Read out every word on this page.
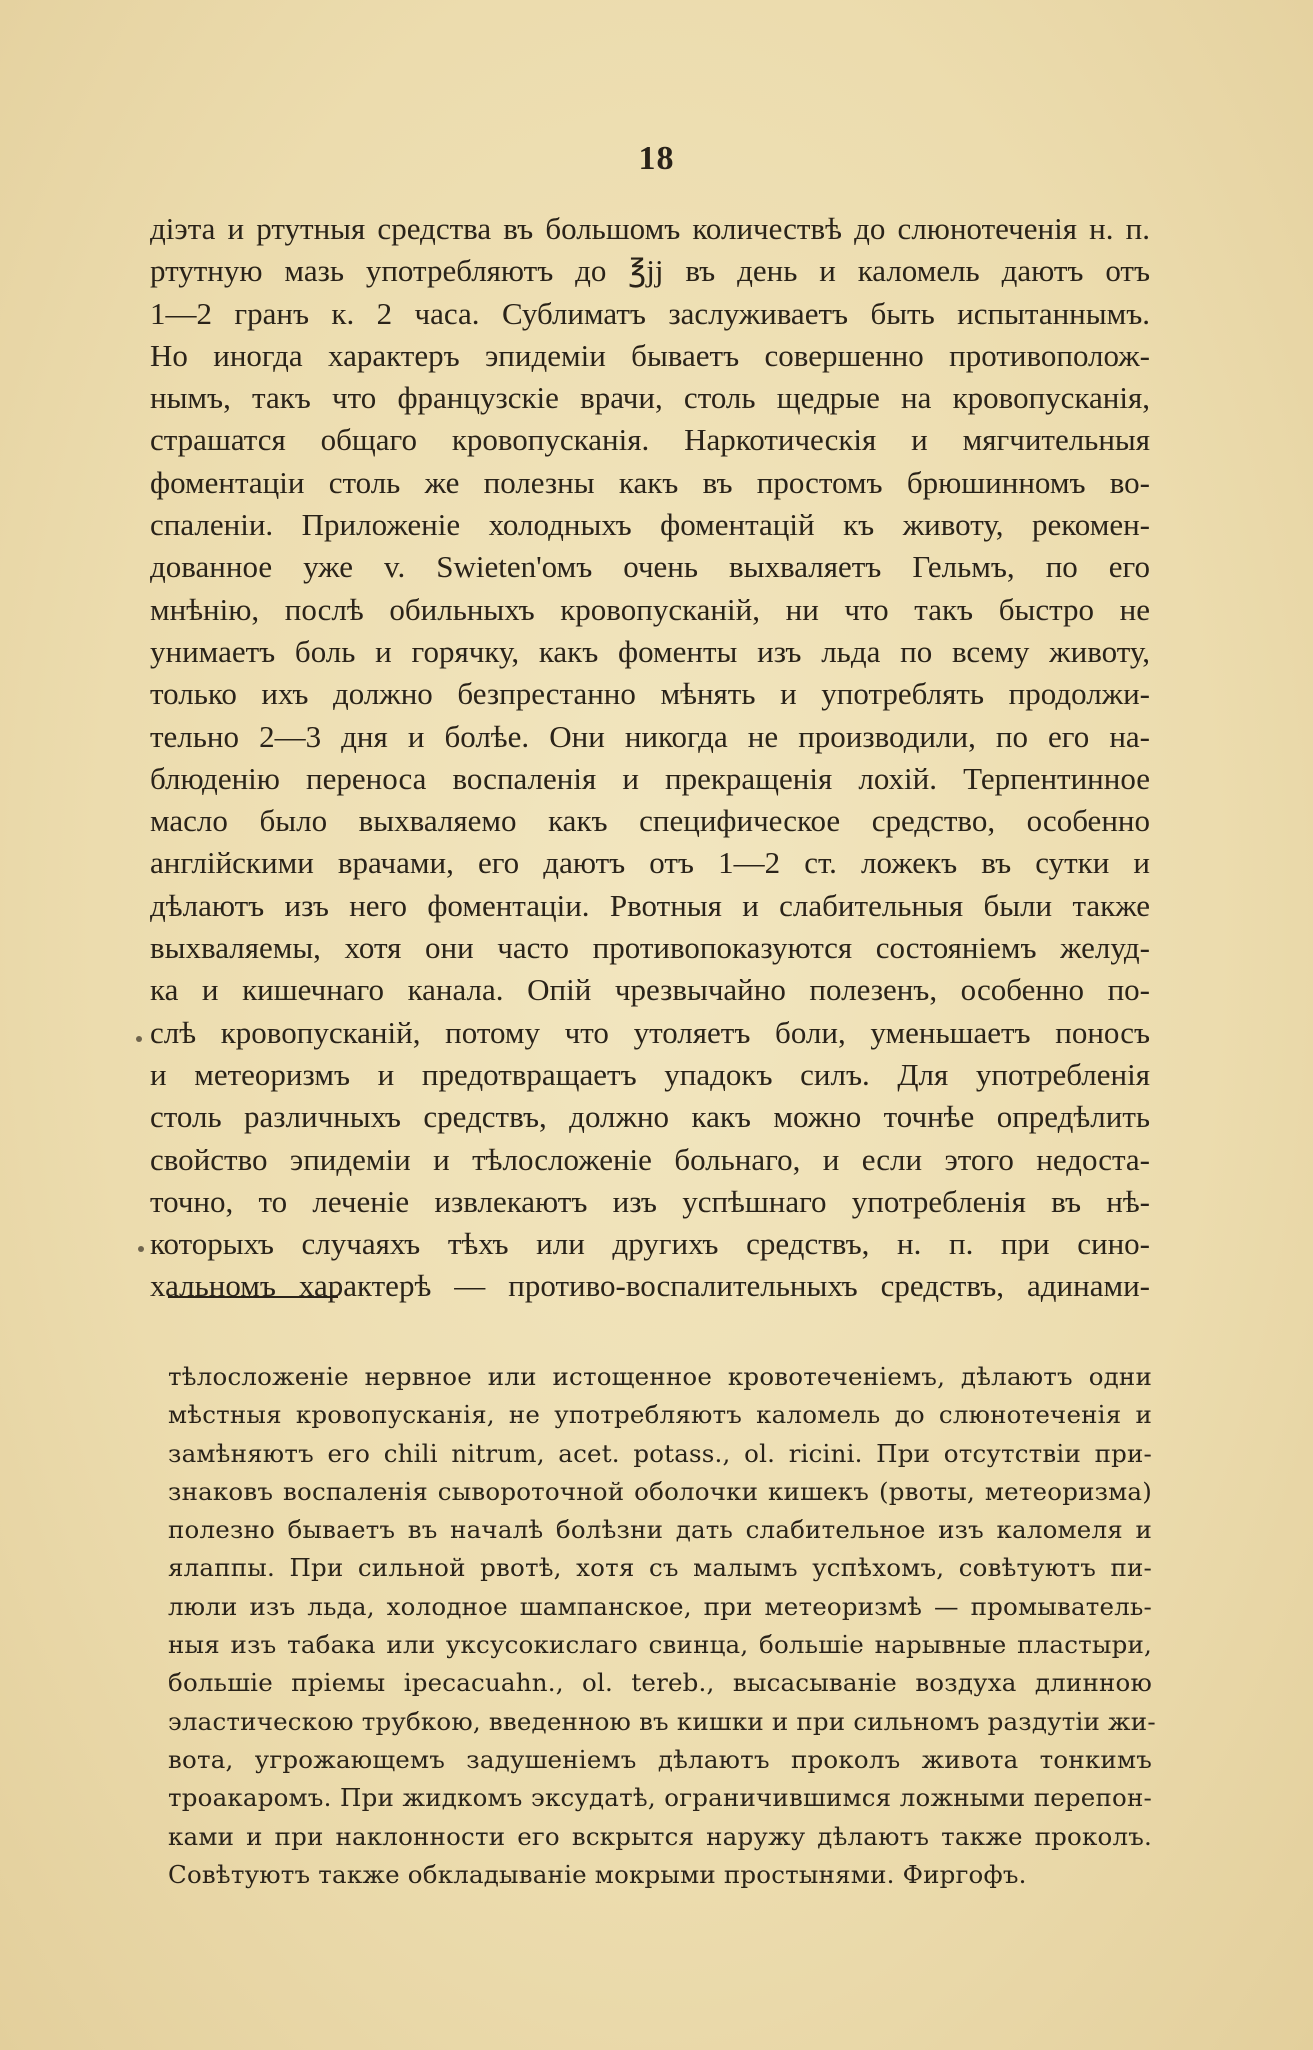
18
діэта и ртутныя средства въ большомъ количествѣ до слюнотеченія н. п.
ртутную мазь употребляютъ до ℥jj въ день и каломель даютъ отъ
1—2 гранъ к. 2 часа. Сублиматъ заслуживаетъ быть испытаннымъ.
Но иногда характеръ эпидеміи бываетъ совершенно противополож-
нымъ, такъ что французскіе врачи, столь щедрые на кровопусканія,
страшатся общаго кровопусканія. Наркотическія и мягчительныя
фоментаціи столь же полезны какъ въ простомъ брюшинномъ во-
спаленіи. Приложеніе холодныхъ фоментацій къ животу, рекомен-
дованное уже v. Swieten'омъ очень выхваляетъ Гельмъ, по его
мнѣнію, послѣ обильныхъ кровопусканій, ни что такъ быстро не
унимаетъ боль и горячку, какъ фоменты изъ льда по всему животу,
только ихъ должно безпрестанно мѣнять и употреблять продолжи-
тельно 2—3 дня и болѣе. Они никогда не производили, по его на-
блюденію переноса воспаленія и прекращенія лохій. Терпентинное
масло было выхваляемо какъ специфическое средство, особенно
англійскими врачами, его даютъ отъ 1—2 ст. ложекъ въ сутки и
дѣлаютъ изъ него фоментаціи. Рвотныя и слабительныя были также
выхваляемы, хотя они часто противопоказуются состояніемъ желуд-
ка и кишечнаго канала. Опій чрезвычайно полезенъ, особенно по-
слѣ кровопусканій, потому что утоляетъ боли, уменьшаетъ поносъ
и метеоризмъ и предотвращаетъ упадокъ силъ. Для употребленія
столь различныхъ средствъ, должно какъ можно точнѣе опредѣлить
свойство эпидеміи и тѣлосложеніе больнаго, и если этого недоста-
точно, то леченіе извлекаютъ изъ успѣшнаго употребленія въ нѣ-
которыхъ случаяхъ тѣхъ или другихъ средствъ, н. п. при сино-
хальномъ характерѣ — противо-воспалительныхъ средствъ, адинами-
тѣлосложеніе нервное или истощенное кровотеченіемъ, дѣлаютъ одни
мѣстныя кровопусканія, не употребляютъ каломель до слюнотеченія и
замѣняютъ его chili nitrum, acet. potass., ol. ricini. При отсутствіи при-
знаковъ воспаленія сывороточной оболочки кишекъ (рвоты, метеоризма)
полезно бываетъ въ началѣ болѣзни дать слабительное изъ каломеля и
ялаппы. При сильной рвотѣ, хотя съ малымъ успѣхомъ, совѣтуютъ пи-
люли изъ льда, холодное шампанское, при метеоризмѣ — промыватель-
ныя изъ табака или уксусокислаго свинца, большіе нарывные пластыри,
большіе пріемы ipecacuahn., ol. tereb., высасываніе воздуха длинною
эластическою трубкою, введенною въ кишки и при сильномъ раздутіи жи-
вота, угрожающемъ задушеніемъ дѣлаютъ проколъ живота тонкимъ
троакаромъ. При жидкомъ эксудатѣ, ограничившимся ложными перепон-
ками и при наклонности его вскрытся наружу дѣлаютъ также проколъ.
Совѣтуютъ также обкладываніе мокрыми простынями. Фиргофъ.
